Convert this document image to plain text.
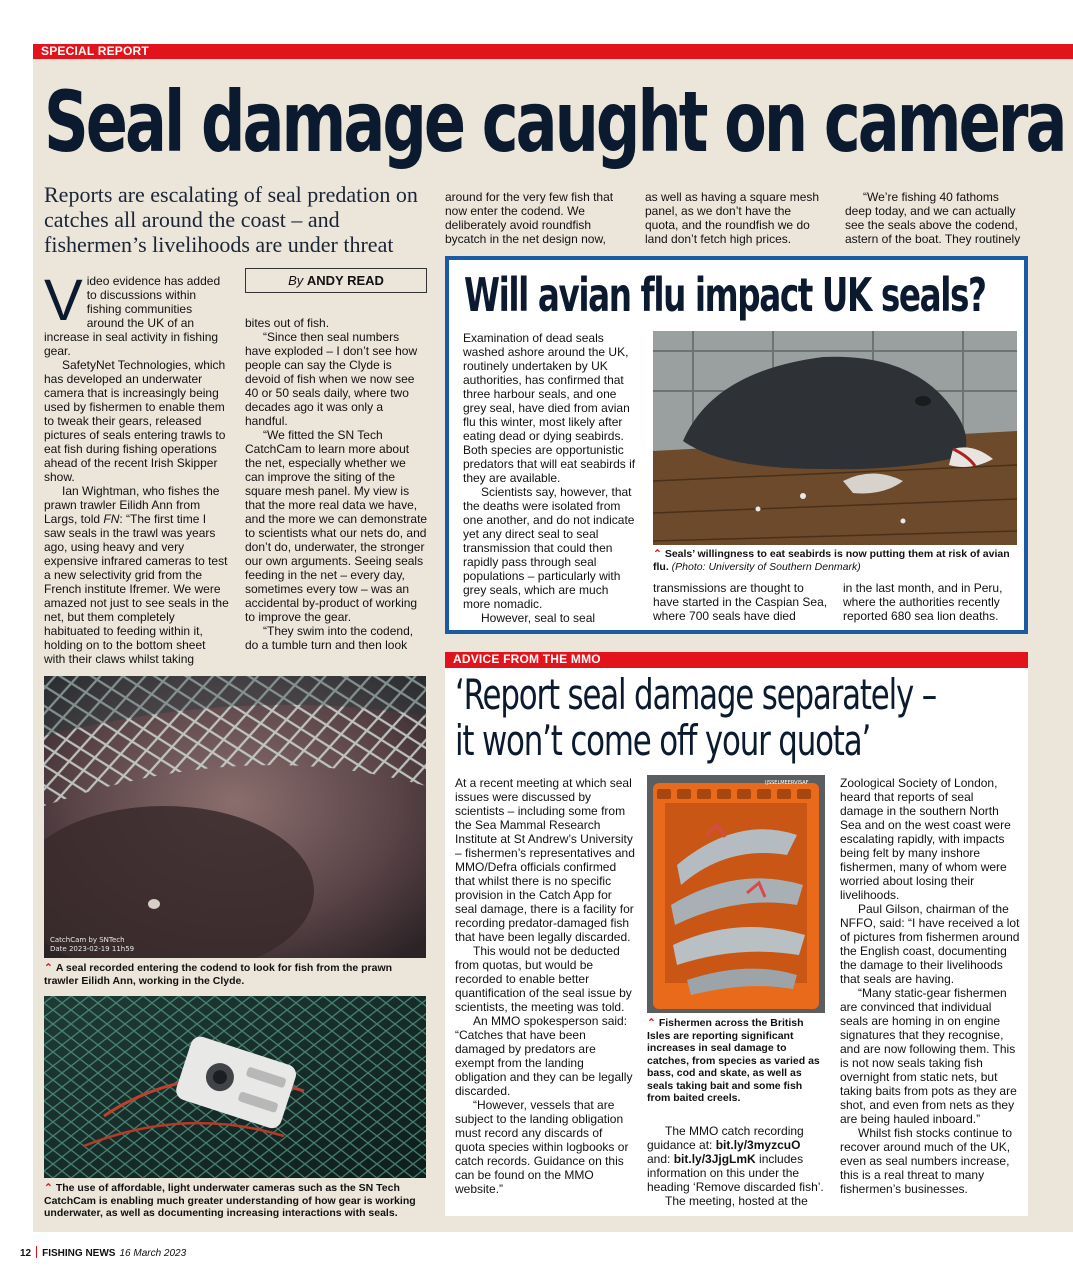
SPECIAL REPORT
Seal damage caught on camera
Reports are escalating of seal predation on catches all around the coast – and fishermen’s livelihoods are under threat
By ANDY READ

Video evidence has added to discussions within fishing communities around the UK of an increase in seal activity in fishing gear.

SafetyNet Technologies, which has developed an underwater camera that is increasingly being used by fishermen to enable them to tweak their gears, released pictures of seals entering trawls to eat fish during fishing operations ahead of the recent Irish Skipper show.

Ian Wightman, who fishes the prawn trawler Eilidh Ann from Largs, told FN: “The first time I saw seals in the trawl was years ago, using heavy and very expensive infrared cameras to test a new selectivity grid from the French institute Ifremer. We were amazed not just to see seals in the net, but them completely habituated to feeding within it, holding on to the bottom sheet with their claws whilst taking

bites out of fish.

“Since then seal numbers have exploded – I don’t see how people can say the Clyde is devoid of fish when we now see 40 or 50 seals daily, where two decades ago it was only a handful.

“We fitted the SN Tech CatchCam to learn more about the net, especially whether we can improve the siting of the square mesh panel. My view is that the more real data we have, and the more we can demonstrate to scientists what our nets do, and don’t do, underwater, the stronger our own arguments. Seeing seals feeding in the net – every day, sometimes every tow – was an accidental by-product of working to improve the gear.

“They swim into the codend, do a tumble turn and then look

around for the very few fish that now enter the codend. We deliberately avoid roundfish bycatch in the net design now,
as well as having a square mesh panel, as we don’t have the quota, and the roundfish we do land don’t fetch high prices.

“We’re fishing 40 fathoms deep today, and we can actually see the seals above the codend, astern of the boat. They routinely

CatchCam by SNTech
Date 2023-02-19 11h59
⌃ A seal recorded entering the codend to look for fish from the prawn trawler Eilidh Ann, working in the Clyde.
⌃ The use of affordable, light underwater cameras such as the SN Tech CatchCam is enabling much greater understanding of how gear is working underwater, as well as documenting increasing interactions with seals.
Will avian flu impact UK seals?

Examination of dead seals washed ashore around the UK, routinely undertaken by UK authorities, has confirmed that three harbour seals, and one grey seal, have died from avian flu this winter, most likely after eating dead or dying seabirds. Both species are opportunistic predators that will eat seabirds if they are available.

Scientists say, however, that the deaths were isolated from one another, and do not indicate yet any direct seal to seal transmission that could then rapidly pass through seal populations – particularly with grey seals, which are much more nomadic.

However, seal to seal

⌃ Seals’ willingness to eat seabirds is now putting them at risk of avian flu. (Photo: University of Southern Denmark)
transmissions are thought to have started in the Caspian Sea, where 700 seals have died
in the last month, and in Peru, where the authorities recently reported 680 sea lion deaths.
ADVICE FROM THE MMO
‘Report seal damage separately –
it won’t come off your quota’

At a recent meeting at which seal issues were discussed by scientists – including some from the Sea Mammal Research Institute at St Andrew’s University – fishermen’s representatives and MMO/Defra officials confirmed that whilst there is no specific provision in the Catch App for seal damage, there is a facility for recording predator-damaged fish that have been legally discarded.

This would not be deducted from quotas, but would be recorded to enable better quantification of the seal issue by scientists, the meeting was told.

An MMO spokesperson said: “Catches that have been damaged by predators are exempt from the landing obligation and they can be legally discarded.

“However, vessels that are subject to the landing obligation must record any discards of quota species within logbooks or catch records. Guidance on this can be found on the MMO website.”

IJSSELMEERVISAF
⌃ Fishermen across the British Isles are reporting significant increases in seal damage to catches, from species as varied as bass, cod and skate, as well as seals taking bait and some fish from baited creels.

The MMO catch recording guidance at: bit.ly/3myzcuO and: bit.ly/3JjgLmK includes information on this under the heading ‘Remove discarded fish’.

The meeting, hosted at the

Zoological Society of London, heard that reports of seal damage in the southern North Sea and on the west coast were escalating rapidly, with impacts being felt by many inshore fishermen, many of whom were worried about losing their livelihoods.

Paul Gilson, chairman of the NFFO, said: “I have received a lot of pictures from fishermen around the English coast, documenting the damage to their livelihoods that seals are having.

“Many static-gear fishermen are convinced that individual seals are homing in on engine signatures that they recognise, and are now following them. This is not now seals taking fish overnight from static nets, but taking baits from pots as they are shot, and even from nets as they are being hauled inboard.”

Whilst fish stocks continue to recover around much of the UK, even as seal numbers increase, this is a real threat to many fishermen’s businesses.

12 FISHING NEWS 16 March 2023
